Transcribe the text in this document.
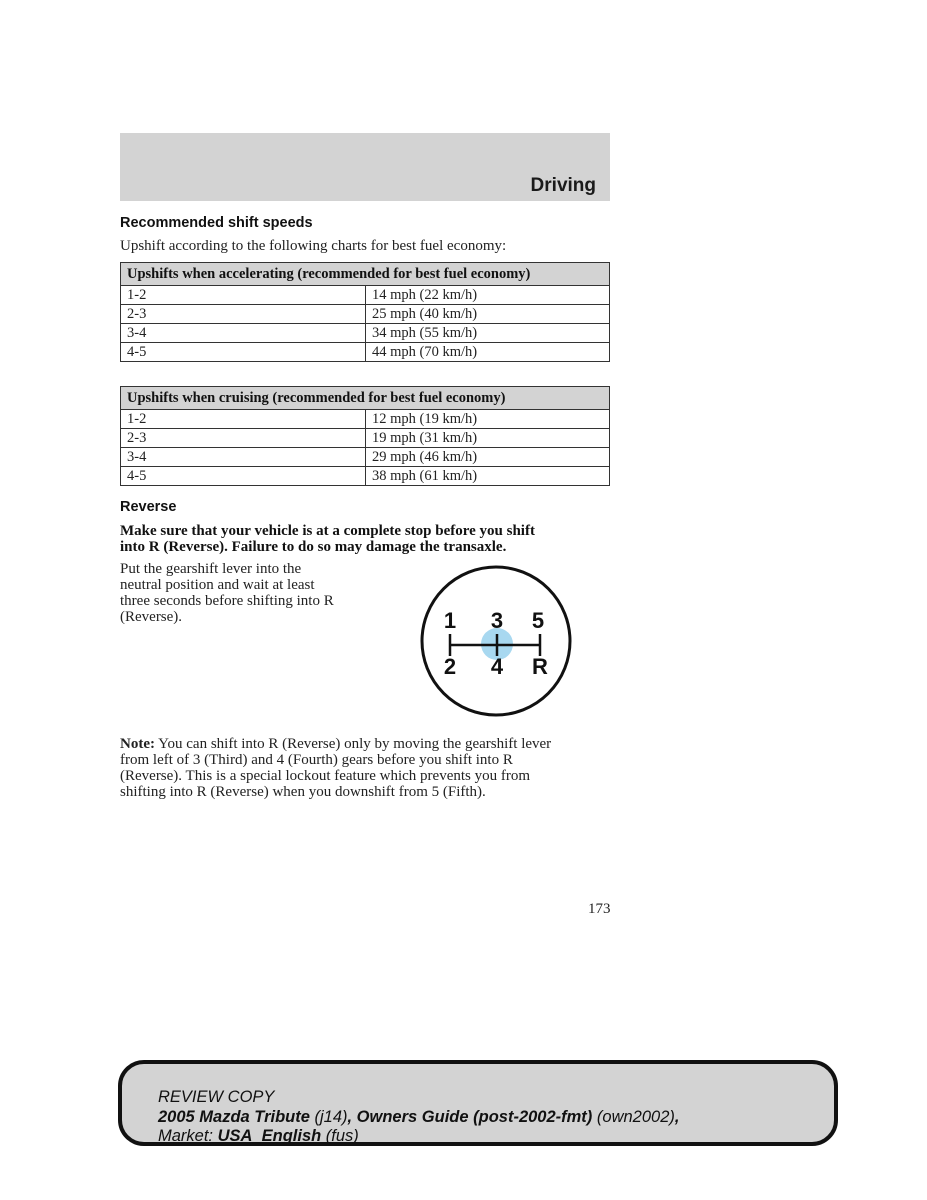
Driving
Recommended shift speeds
Upshift according to the following charts for best fuel economy:
Upshifts when accelerating (recommended for best fuel economy)	
1-2	14 mph (22 km/h)
2-3	25 mph (40 km/h)
3-4	34 mph (55 km/h)
4-5	44 mph (70 km/h)
Upshifts when cruising (recommended for best fuel economy)	
1-2	12 mph (19 km/h)
2-3	19 mph (31 km/h)
3-4	29 mph (46 km/h)
4-5	38 mph (61 km/h)
Reverse
Make sure that your vehicle is at a complete stop before you shift
into R (Reverse). Failure to do so may damage the transaxle.
Put the gearshift lever into the
neutral position and wait at least
three seconds before shifting into R
(Reverse).	1 3 5
2 4 R
Note: You can shift into R (Reverse) only by moving the gearshift lever
from left of 3 (Third) and 4 (Fourth) gears before you shift into R
(Reverse). This is a special lockout feature which prevents you from
shifting into R (Reverse) when you downshift from 5 (Fifth).
173
REVIEW COPY
2005 Mazda Tribute (j14), Owners Guide (post-2002-fmt) (own2002),
Market: USA_English (fus)
